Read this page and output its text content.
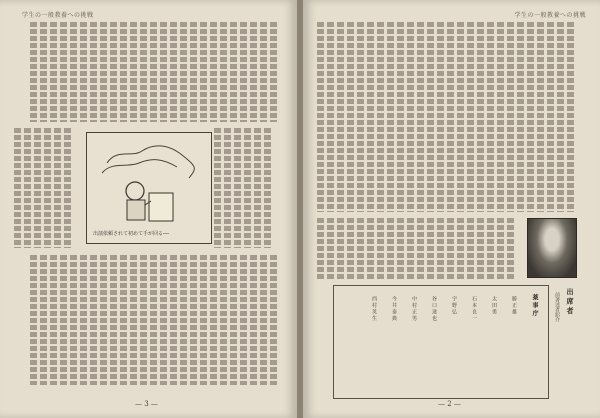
学生の一般教養への挑戦
出演依頼されて初めて手が回る──
— 3 —
学生の一般教養への挑戦
出 席 者
前著述者紹介
薬 事 庁
勝 正 雄
太 田 勇
石 本 良 一
宇 野 弘
谷 口 達 也
中 村 正 男
今 井 泰 典
西 村 英 生
— 2 —
